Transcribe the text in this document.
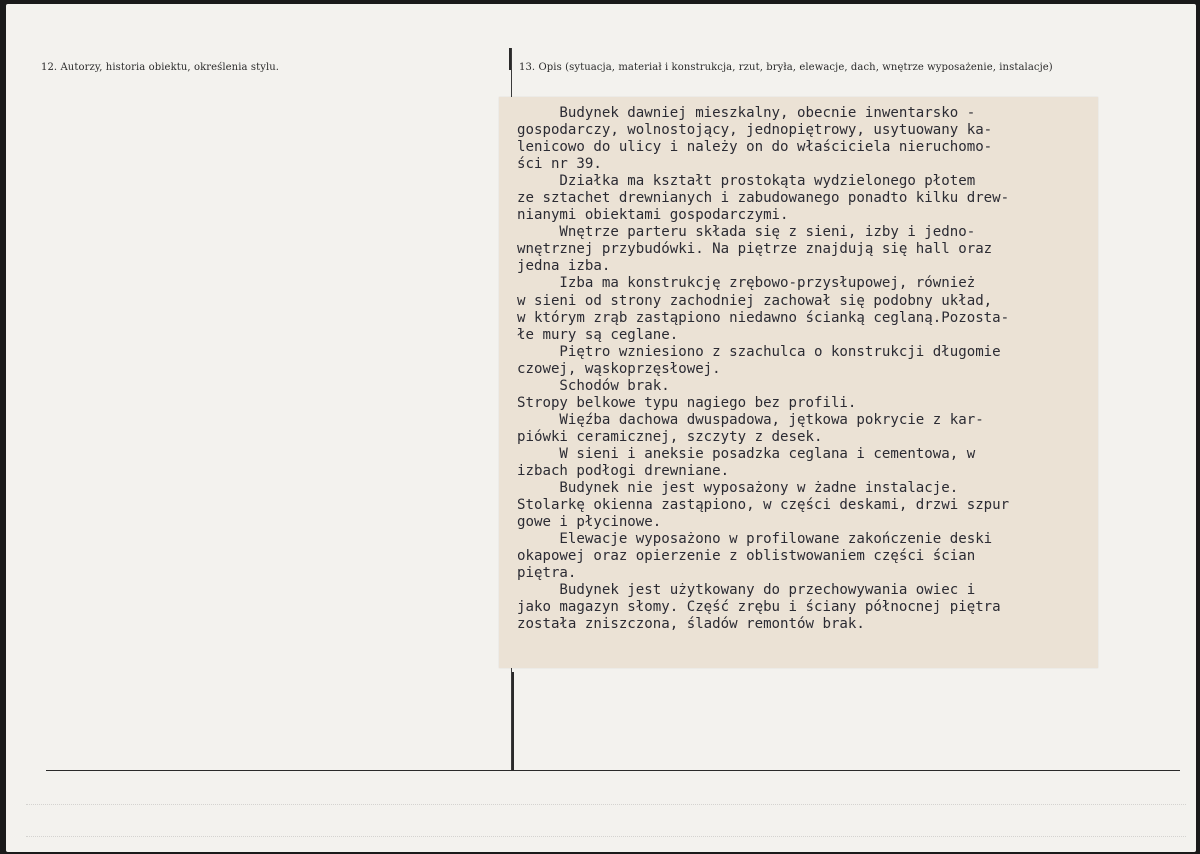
12. Autorzy, historia obiektu, określenia stylu.	13. Opis (sytuacja, materiał i konstrukcja, rzut, bryła, elewacje, dach, wnętrze wyposażenie, instalacje)
Budynek dawniej mieszkalny, obecnie inwentarsko -
gospodarczy, wolnostojący, jednopiętrowy, usytuowany ka-
lenicowo do ulicy i należy on do właściciela nieruchomo-
ści nr 39.
Działka ma kształt prostokąta wydzielonego płotem
ze sztachet drewnianych i zabudowanego ponadto kilku drew-
nianymi obiektami gospodarczymi.
Wnętrze parteru składa się z sieni, izby i jedno-
wnętrznej przybudówki. Na piętrze znajdują się hall oraz
jedna izba.
Izba ma konstrukcję zrębowo-przysłupowej, również
w sieni od strony zachodniej zachował się podobny układ,
w którym zrąb zastąpiono niedawno ścianką ceglaną.Pozosta-
łe mury są ceglane.
Piętro wzniesiono z szachulca o konstrukcji długomie
czowej, wąskoprzęsłowej.
Schodów brak.
Stropy belkowe typu nagiego bez profili.
Więźba dachowa dwuspadowa, jętkowa pokrycie z kar-
piówki ceramicznej, szczyty z desek.
W sieni i aneksie posadzka ceglana i cementowa, w
izbach podłogi drewniane.
Budynek nie jest wyposażony w żadne instalacje.
Stolarkę okienna zastąpiono, w części deskami, drzwi szpur
gowe i płycinowe.
Elewacje wyposażono w profilowane zakończenie deski
okapowej oraz opierzenie z oblistwowaniem części ścian
piętra.
Budynek jest użytkowany do przechowywania owiec i
jako magazyn słomy. Część zrębu i ściany północnej piętra
została zniszczona, śladów remontów brak.
